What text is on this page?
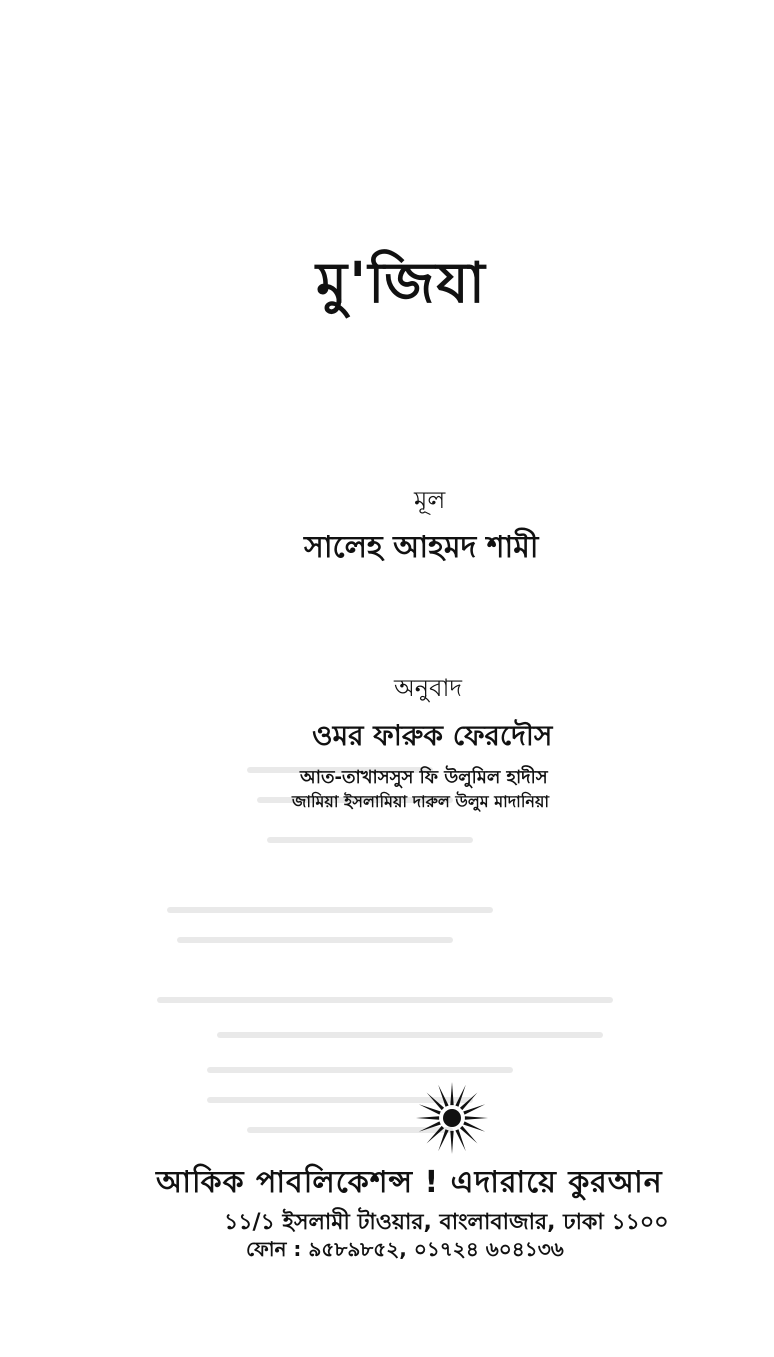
মু'জিযা
মূল
সালেহ আহমদ শামী
অনুবাদ
ওমর ফারুক ফেরদৌস
আত-তাখাসসুস ফি উলুমিল হাদীস
জামিয়া ইসলামিয়া দারুল উলুম মাদানিয়া
আকিক পাবলিকেশন্স ! এদারায়ে কুরআন
১১/১ ইসলামী টাওয়ার, বাংলাবাজার, ঢাকা ১১০০
ফোন : ৯৫৮৯৮৫২, ০১৭২৪ ৬০৪১৩৬
